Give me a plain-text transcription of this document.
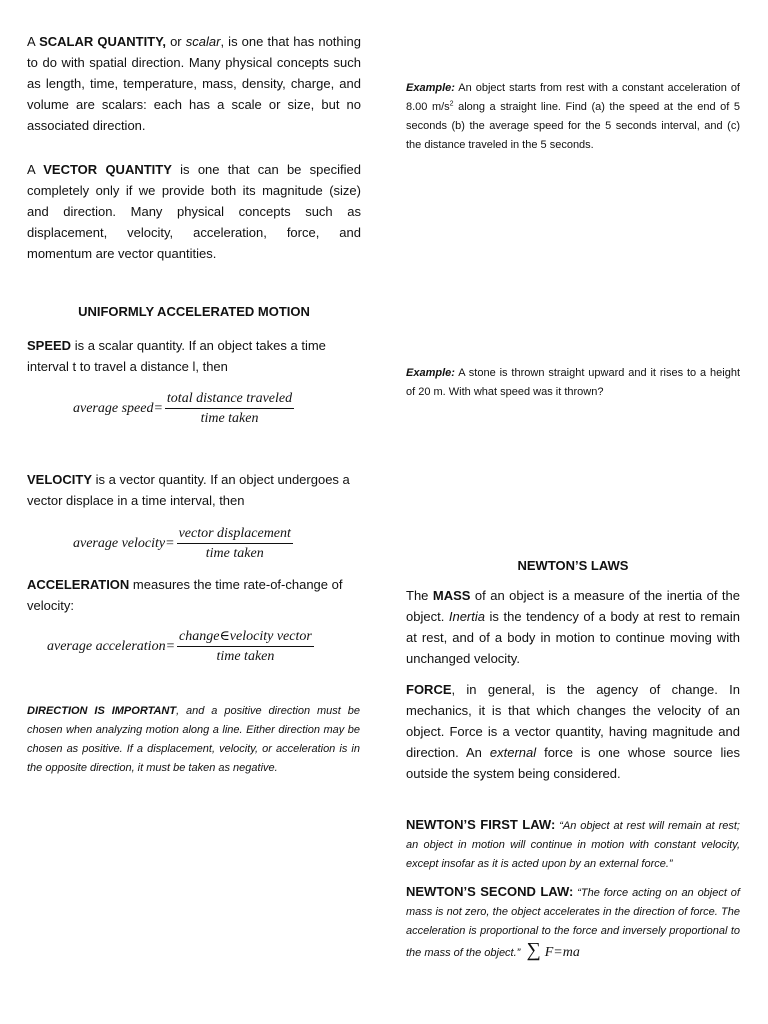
A SCALAR QUANTITY, or scalar, is one that has nothing to do with spatial direction. Many physical concepts such as length, time, temperature, mass, density, charge, and volume are scalars: each has a scale or size, but no associated direction.

A VECTOR QUANTITY is one that can be specified completely only if we provide both its magnitude (size) and direction. Many physical concepts such as displacement, velocity, acceleration, force, and momentum are vector quantities.

UNIFORMLY ACCELERATED MOTION

SPEED is a scalar quantity. If an object takes a time interval t to travel a distance l, then

average speed= $\frac{\text{total distance traveled}}{\text{time taken}}$

VELOCITY is a vector quantity. If an object undergoes a vector displace in a time interval, then

average velocity= $\frac{\text{vector displacement}}{\text{time taken}}$

ACCELERATION measures the time rate-of-change of velocity:

average acceleration= $\frac{\text{change∈velocity vector}}{\text{time taken}}$

DIRECTION IS IMPORTANT, and a positive direction must be chosen when analyzing motion along a line. Either direction may be chosen as positive. If a displacement, velocity, or acceleration is in the opposite direction, it must be taken as negative.

Example: An object starts from rest with a constant acceleration of 8.00 $m/s^2$ along a straight line. Find (a) the speed at the end of 5 seconds (b) the average speed for the 5 seconds interval, and (c) the distance traveled in the 5 seconds.

Example: A stone is thrown straight upward and it rises to a height of 20 m. With what speed was it thrown?

NEWTON’S LAWS

The MASS of an object is a measure of the inertia of the object. Inertia is the tendency of a body at rest to remain at rest, and of a body in motion to continue moving with unchanged velocity.

FORCE, in general, is the agency of change. In mechanics, it is that which changes the velocity of an object. Force is a vector quantity, having magnitude and direction. An external force is one whose source lies outside the system being considered.

NEWTON’S FIRST LAW: “An object at rest will remain at rest; an object in motion will continue in motion with constant velocity, except insofar as it is acted upon by an external force.”

NEWTON’S SECOND LAW: “The force acting on an object of mass is not zero, the object accelerates in the direction of force. The acceleration is proportional to the force and inversely proportional to the mass of the object.” ∑ F=ma
